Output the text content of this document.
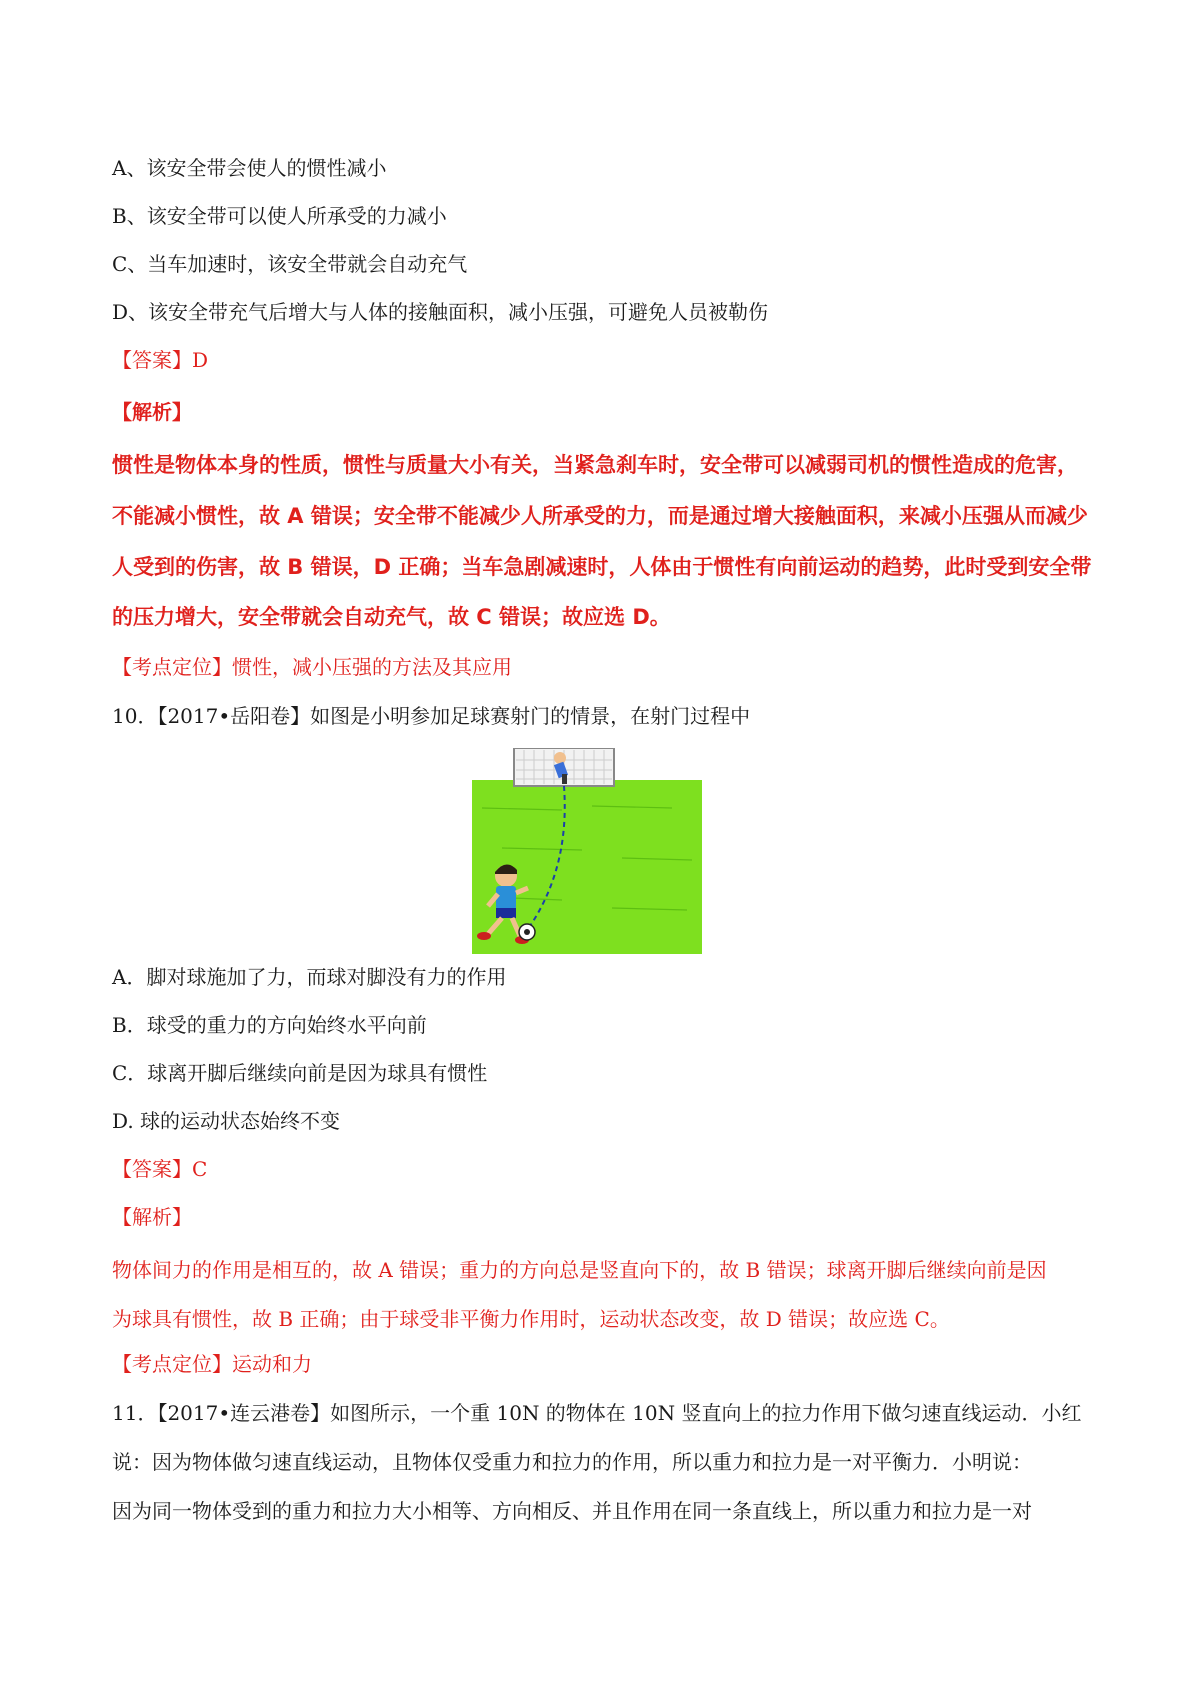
A、该安全带会使人的惯性减小
B、该安全带可以使人所承受的力减小
C、当车加速时，该安全带就会自动充气
D、该安全带充气后增大与人体的接触面积，减小压强，可避免人员被勒伤
【答案】D
【解析】
惯性是物体本身的性质，惯性与质量大小有关，当紧急刹车时，安全带可以减弱司机的惯性造成的危害，
不能减小惯性，故 A 错误；安全带不能减少人所承受的力，而是通过增大接触面积，来减小压强从而减少
人受到的伤害，故 B 错误，D 正确；当车急剧减速时，人体由于惯性有向前运动的趋势，此时受到安全带
的压力增大，安全带就会自动充气，故 C 错误；故应选 D。
【考点定位】惯性，减小压强的方法及其应用
10．【2017•岳阳卷】如图是小明参加足球赛射门的情景，在射门过程中
A．脚对球施加了力，而球对脚没有力的作用
B．球受的重力的方向始终水平向前
C．球离开脚后继续向前是因为球具有惯性
D. 球的运动状态始终不变
【答案】C
【解析】
物体间力的作用是相互的，故 A 错误；重力的方向总是竖直向下的，故 B 错误；球离开脚后继续向前是因
为球具有惯性，故 B 正确；由于球受非平衡力作用时，运动状态改变，故 D 错误；故应选 C。
【考点定位】运动和力
11．【2017•连云港卷】如图所示，一个重 10N 的物体在 10N 竖直向上的拉力作用下做匀速直线运动．小红
说：因为物体做匀速直线运动，且物体仅受重力和拉力的作用，所以重力和拉力是一对平衡力．小明说：
因为同一物体受到的重力和拉力大小相等、方向相反、并且作用在同一条直线上，所以重力和拉力是一对
